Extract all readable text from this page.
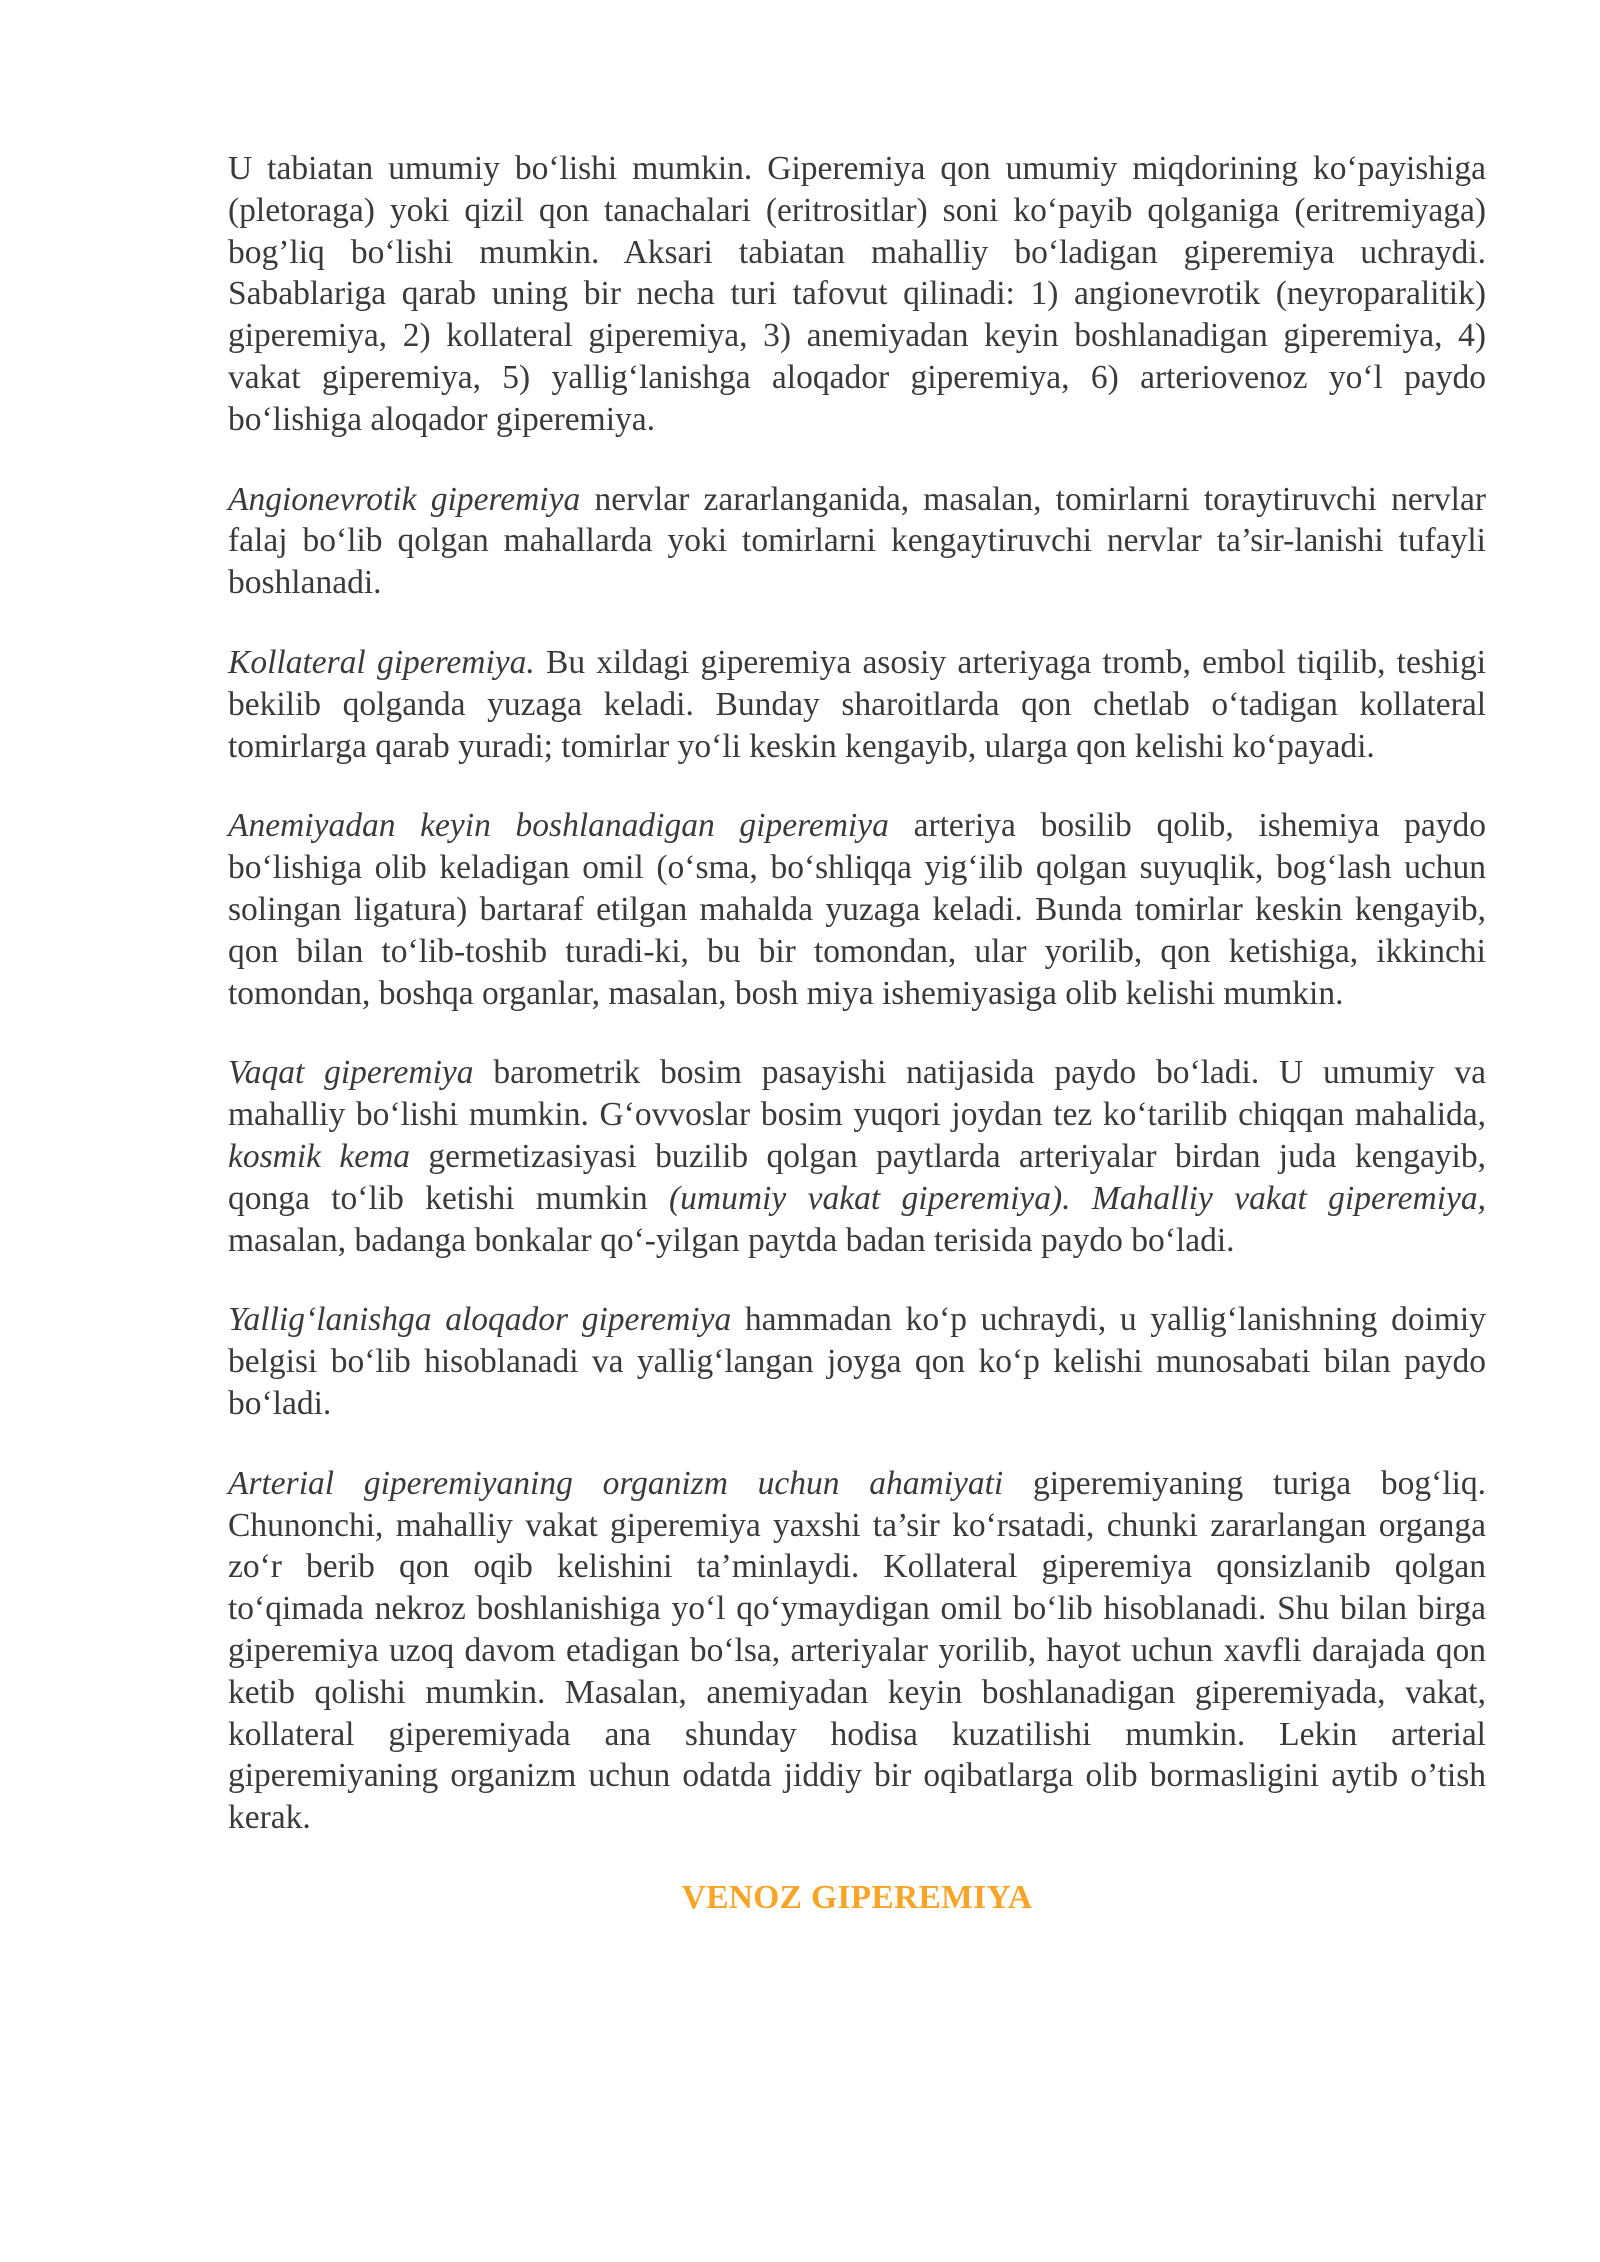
U tabiatan umumiy bo‘lishi mumkin. Giperemiya qon umumiy miqdorining ko‘payishiga (pletoraga) yoki qizil qon tanachalari (eritrositlar) soni ko‘payib qolganiga (eritremiyaga) bog’liq bo‘lishi mumkin. Aksari tabiatan mahalliy bo‘ladigan giperemiya uchraydi. Sabablariga qarab uning bir necha turi tafovut qilinadi: 1) angionevrotik (neyroparalitik) giperemiya, 2) kollateral giperemiya, 3) anemiyadan keyin boshlanadigan giperemiya, 4) vakat giperemiya, 5) yallig‘lanishga aloqador giperemiya, 6) arteriovenoz yo‘l paydo bo‘lishiga aloqador giperemiya.

Angionevrotik giperemiya nervlar zararlanganida, masalan, tomirlarni toraytiruvchi nervlar falaj bo‘lib qolgan mahallarda yoki tomirlarni kengaytiruvchi nervlar ta’sir-lanishi tufayli boshlanadi.

Kollateral giperemiya. Bu xildagi giperemiya asosiy arteriyaga tromb, embol tiqilib, teshigi bekilib qolganda yuzaga keladi. Bunday sharoitlarda qon chetlab o‘tadigan kollateral tomirlarga qarab yuradi; tomirlar yo‘li keskin kengayib, ularga qon kelishi ko‘payadi.

Anemiyadan keyin boshlanadigan giperemiya arteriya bosilib qolib, ishemiya paydo bo‘lishiga olib keladigan omil (o‘sma, bo‘shliqqa yig‘ilib qolgan suyuqlik, bog‘lash uchun solingan ligatura) bartaraf etilgan mahalda yuzaga keladi. Bunda tomirlar keskin kengayib, qon bilan to‘lib-toshib turadi-ki, bu bir tomondan, ular yorilib, qon ketishiga, ikkinchi tomondan, boshqa organlar, masalan, bosh miya ishemiyasiga olib kelishi mumkin.

Vaqat giperemiya barometrik bosim pasayishi natijasida paydo bo‘ladi. U umumiy va mahalliy bo‘lishi mumkin. G‘ovvoslar bosim yuqori joydan tez ko‘tarilib chiqqan mahalida, kosmik kema germetizasiyasi buzilib qolgan paytlarda arteriyalar birdan juda kengayib, qonga to‘lib ketishi mumkin (umumiy vakat giperemiya). Mahalliy vakat giperemiya, masalan, badanga bonkalar qo‘-yilgan paytda badan terisida paydo bo‘ladi.

Yallig‘lanishga aloqador giperemiya hammadan ko‘p uchraydi, u yallig‘lanishning doimiy belgisi bo‘lib hisoblanadi va yallig‘langan joyga qon ko‘p kelishi munosabati bilan paydo bo‘ladi.

Arterial giperemiyaning organizm uchun ahamiyati giperemiyaning turiga bog‘liq. Chunonchi, mahalliy vakat giperemiya yaxshi ta’sir ko‘rsatadi, chunki zararlangan organga zo‘r berib qon oqib kelishini ta’minlaydi. Kollateral giperemiya qonsizlanib qolgan to‘qimada nekroz boshlanishiga yo‘l qo‘ymaydigan omil bo‘lib hisoblanadi. Shu bilan birga giperemiya uzoq davom etadigan bo‘lsa, arteriyalar yorilib, hayot uchun xavfli darajada qon ketib qolishi mumkin. Masalan, anemiyadan keyin boshlanadigan giperemiyada, vakat, kollateral giperemiyada ana shunday hodisa kuzatilishi mumkin. Lekin arterial giperemiyaning organizm uchun odatda jiddiy bir oqibatlarga olib bormasligini aytib o’tish kerak.

VENOZ GIPEREMIYA
